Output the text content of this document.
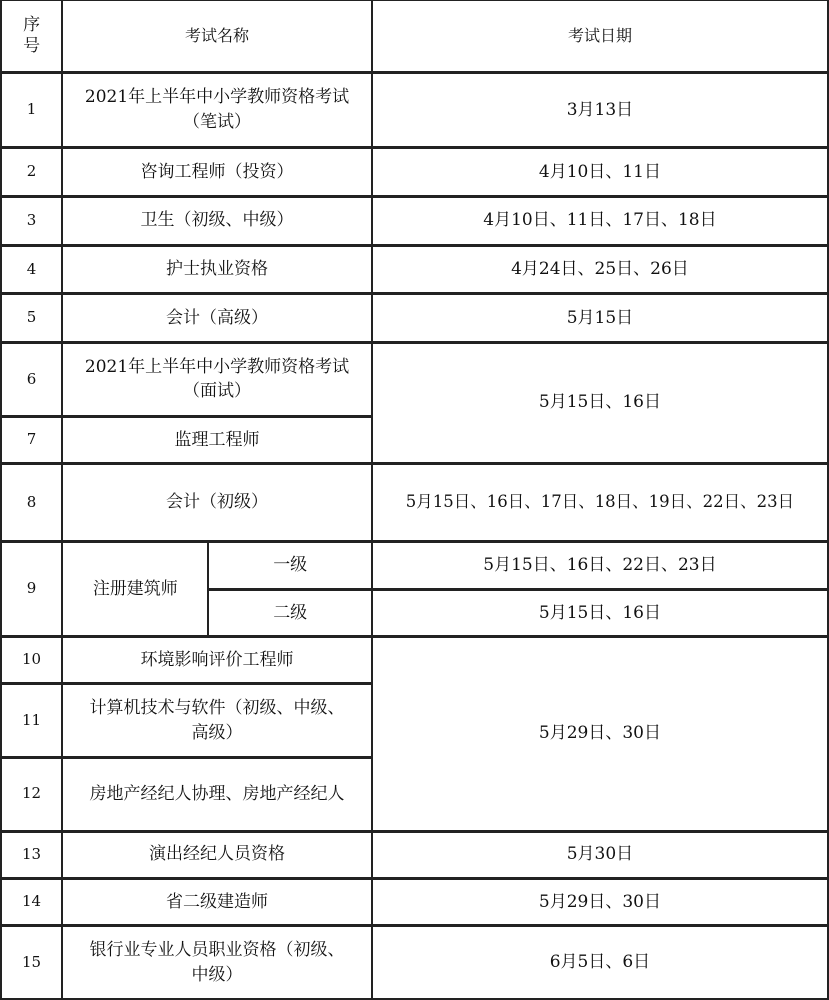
序号	考试名称		考试日期
1	2021年上半年中小学教师资格考试（笔试）		3月13日
2	咨询工程师（投资）		4月10日、11日
3	卫生（初级、中级）		4月10日、11日、17日、18日
4	护士执业资格		4月24日、25日、26日
5	会计（高级）		5月15日
6	2021年上半年中小学教师资格考试（面试）		5月15日、16日
7	监理工程师		
8	会计（初级）		5月15日、16日、17日、18日、19日、22日、23日
9	注册建筑师	一级	5月15日、16日、22日、23日
		二级	5月15日、16日
10	环境影响评价工程师		5月29日、30日
11	计算机技术与软件（初级、中级、高级）		
12	房地产经纪人协理、房地产经纪人		
13	演出经纪人员资格		5月30日
14	省二级建造师		5月29日、30日
15	银行业专业人员职业资格（初级、中级）		6月5日、6日
